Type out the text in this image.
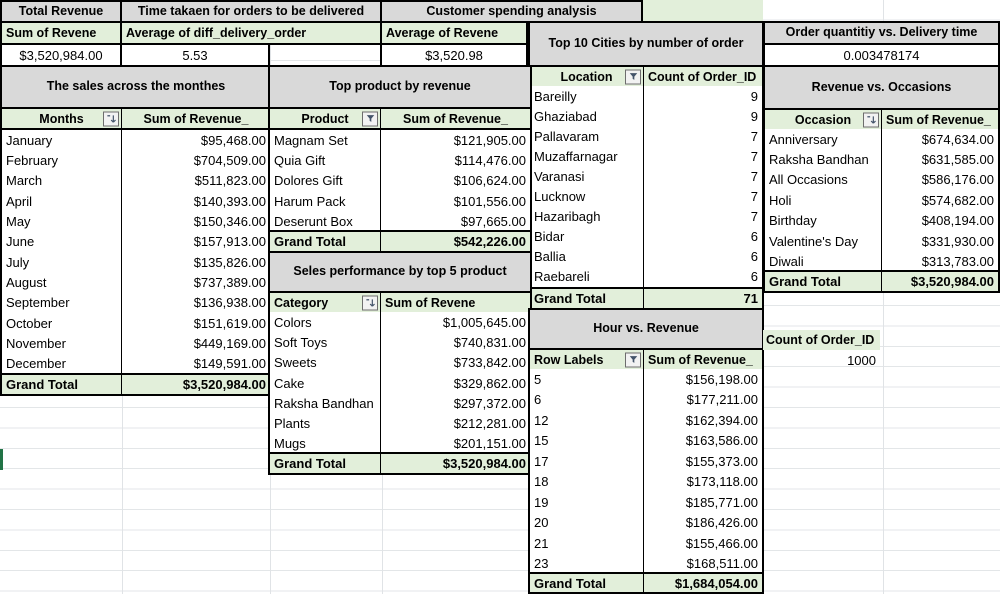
Total Revenue
Sum of Revene
$3,520,984.00
Time takaen for orders to be delivered
Average of diff_delivery_order
5.53
Customer spending analysis
Average of Revene
$3,520.98
Order quantitiy vs. Delivery time
0.003478174
Top 10 Cities by number of order
Location	Count of Order_ID
Bareilly	9
Ghaziabad	9
Pallavaram	7
Muzaffarnagar	7
Varanasi	7
Lucknow	7
Hazaribagh	7
Bidar	6
Ballia	6
Raebareli	6
Grand Total	71
The sales across the monthes
Months	Sum of Revenue_
January	$95,468.00
February	$704,509.00
March	$511,823.00
April	$140,393.00
May	$150,346.00
June	$157,913.00
July	$135,826.00
August	$737,389.00
September	$136,938.00
October	$151,619.00
November	$449,169.00
December	$149,591.00
Grand Total	$3,520,984.00
Top product by revenue
Product	Sum of Revenue_
Magnam Set	$121,905.00
Quia Gift	$114,476.00
Dolores Gift	$106,624.00
Harum Pack	$101,556.00
Deserunt Box	$97,665.00
Grand Total	$542,226.00
Seles performance by top 5 product
Category	Sum of Revene
Colors	$1,005,645.00
Soft Toys	$740,831.00
Sweets	$733,842.00
Cake	$329,862.00
Raksha Bandhan	$297,372.00
Plants	$212,281.00
Mugs	$201,151.00
Grand Total	$3,520,984.00
Revenue vs. Occasions
Occasion	Sum of Revenue_
Anniversary	$674,634.00
Raksha Bandhan	$631,585.00
All Occasions	$586,176.00
Holi	$574,682.00
Birthday	$408,194.00
Valentine's Day	$331,930.00
Diwali	$313,783.00
Grand Total	$3,520,984.00
Hour vs. Revenue
Row Labels	Sum of Revenue_
5	$156,198.00
6	$177,211.00
12	$162,394.00
15	$163,586.00
17	$155,373.00
18	$173,118.00
19	$185,771.00
20	$186,426.00
21	$155,466.00
23	$168,511.00
Grand Total	$1,684,054.00
Count of Order_ID
1000
